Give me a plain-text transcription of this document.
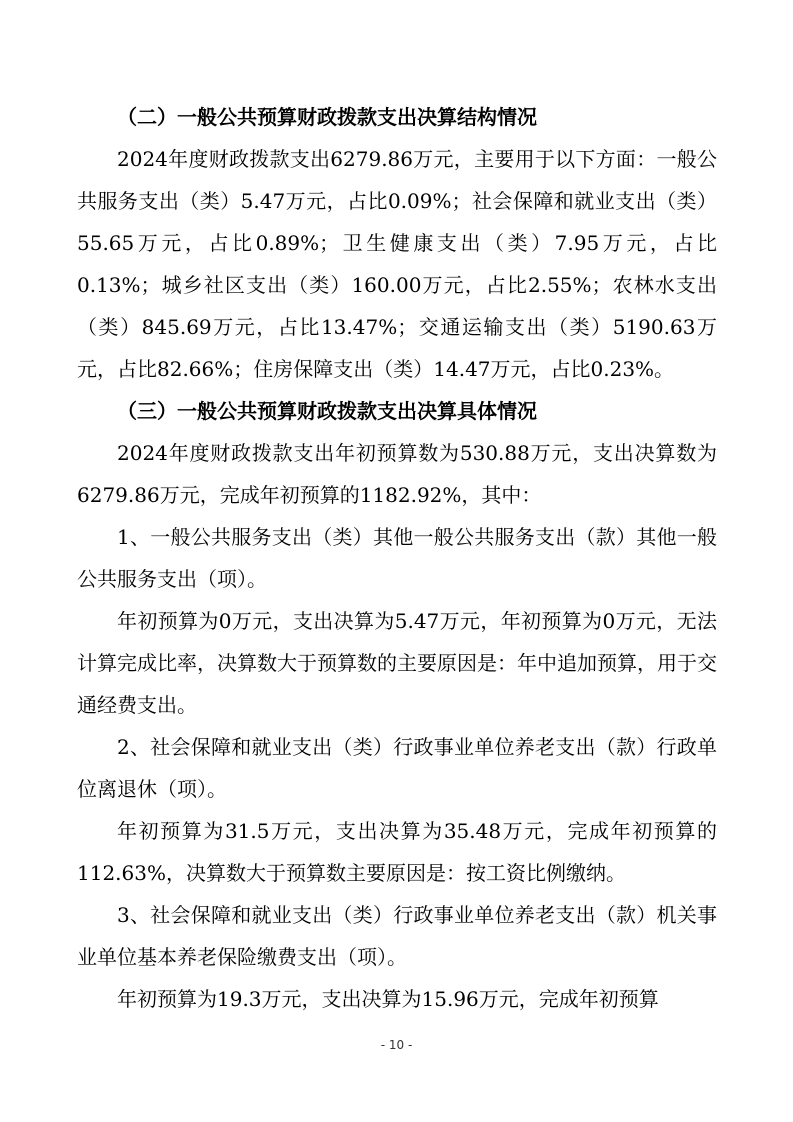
（二）一般公共预算财政拨款支出决算结构情况

2024年度财政拨款支出6279.86万元，主要用于以下方面：一般公共服务支出（类）5.47万元，占比0.09%；社会保障和就业支出（类）55.65万元，占比0.89%；卫生健康支出（类）7.95万元，占比0.13%；城乡社区支出（类）160.00万元，占比2.55%；农林水支出（类）845.69万元，占比13.47%；交通运输支出（类）5190.63万元，占比82.66%；住房保障支出（类）14.47万元，占比0.23%。

（三）一般公共预算财政拨款支出决算具体情况

2024年度财政拨款支出年初预算数为530.88万元，支出决算数为6279.86万元，完成年初预算的1182.92%，其中：

1、一般公共服务支出（类）其他一般公共服务支出（款）其他一般公共服务支出（项）。

年初预算为0万元，支出决算为5.47万元，年初预算为0万元，无法计算完成比率，决算数大于预算数的主要原因是：年中追加预算，用于交通经费支出。

2、社会保障和就业支出（类）行政事业单位养老支出（款）行政单位离退休（项）。

年初预算为31.5万元，支出决算为35.48万元，完成年初预算的112.63%，决算数大于预算数主要原因是：按工资比例缴纳。

3、社会保障和就业支出（类）行政事业单位养老支出（款）机关事业单位基本养老保险缴费支出（项）。

年初预算为19.3万元，支出决算为15.96万元，完成年初预算

- 10 -
